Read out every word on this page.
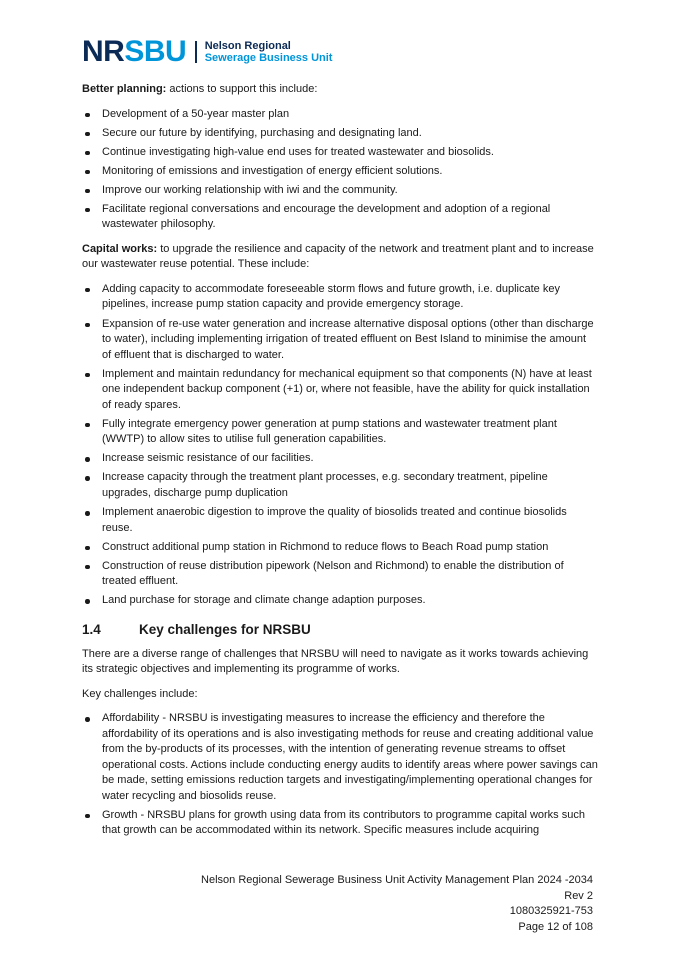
NRSBU Nelson Regional
Sewerage Business Unit

Better planning: actions to support this include:

Development of a 50-year master plan
Secure our future by identifying, purchasing and designating land.
Continue investigating high-value end uses for treated wastewater and biosolids.
Monitoring of emissions and investigation of energy efficient solutions.
Improve our working relationship with iwi and the community.
Facilitate regional conversations and encourage the development and adoption of a regional wastewater philosophy.

Capital works: to upgrade the resilience and capacity of the network and treatment plant and to increase our wastewater reuse potential. These include:

Adding capacity to accommodate foreseeable storm flows and future growth, i.e. duplicate key pipelines, increase pump station capacity and provide emergency storage.
Expansion of re-use water generation and increase alternative disposal options (other than discharge to water), including implementing irrigation of treated effluent on Best Island to minimise the amount of effluent that is discharged to water.
Implement and maintain redundancy for mechanical equipment so that components (N) have at least one independent backup component (+1) or, where not feasible, have the ability for quick installation of ready spares.
Fully integrate emergency power generation at pump stations and wastewater treatment plant (WWTP) to allow sites to utilise full generation capabilities.
Increase seismic resistance of our facilities.
Increase capacity through the treatment plant processes, e.g. secondary treatment, pipeline upgrades, discharge pump duplication
Implement anaerobic digestion to improve the quality of biosolids treated and continue biosolids reuse.
Construct additional pump station in Richmond to reduce flows to Beach Road pump station
Construction of reuse distribution pipework (Nelson and Richmond) to enable the distribution of treated effluent.
Land purchase for storage and climate change adaption purposes.
1.4	Key challenges for NRSBU

There are a diverse range of challenges that NRSBU will need to navigate as it works towards achieving its strategic objectives and implementing its programme of works.

Key challenges include:

Affordability - NRSBU is investigating measures to increase the efficiency and therefore the affordability of its operations and is also investigating methods for reuse and creating additional value from the by-products of its processes, with the intention of generating revenue streams to offset operational costs. Actions include conducting energy audits to identify areas where power savings can be made, setting emissions reduction targets and investigating/implementing operational changes for water recycling and biosolids reuse.
Growth - NRSBU plans for growth using data from its contributors to programme capital works such that growth can be accommodated within its network. Specific measures include acquiring
Nelson Regional Sewerage Business Unit Activity Management Plan 2024 -2034
Rev 2
1080325921-753
Page 12 of 108
